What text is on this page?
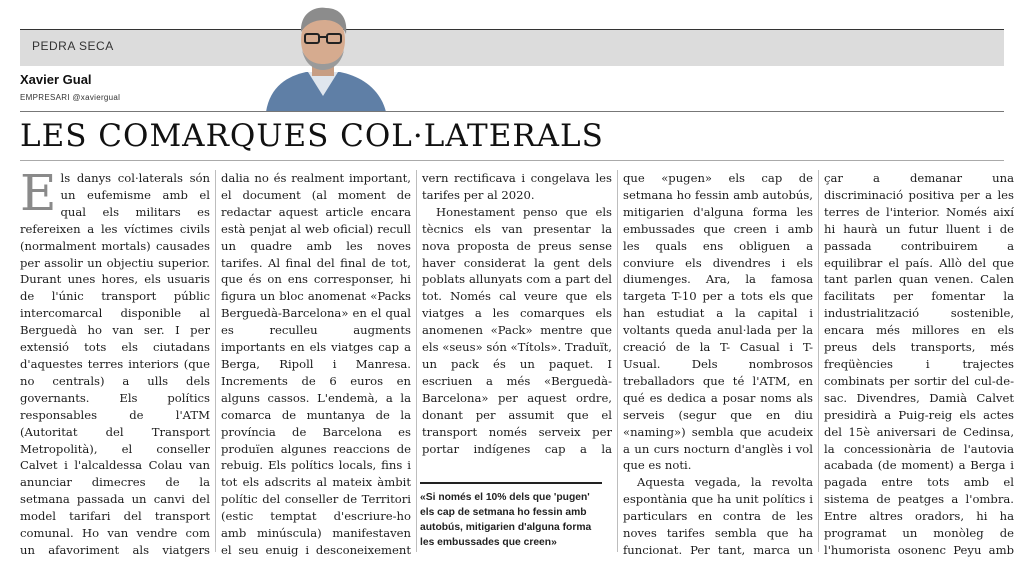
PEDRA SECA
Xavier Gual
EMPRESARI @xaviergual
LES COMARQUES COL·LATERALS

Els danys col·laterals són un eufemisme amb el qual els militars es refereixen a les víctimes civils (normalment mortals) causades per assolir un objectiu superior. Durant unes hores, els usuaris de l'únic transport públic intercomarcal disponible al Berguedà ho van ser. I per extensió tots els ciutadans d'aquestes terres interiors (que no centrals) a ulls dels governants. Els polítics responsables de l'ATM (Autoritat del Transport Metropolità), el conseller Calvet i l'alcaldessa Colau van anunciar dimecres de la setmana passada un canvi del model tarifari del transport comunal. Ho van vendre com un afavoriment als viatgers

dalia no és realment important, el document (al moment de redactar aquest article encara està penjat al web oficial) recull un quadre amb les noves tarifes. Al final del final de tot, que és on ens corresponser, hi figura un bloc anomenat «Packs Berguedà-Barcelona» en el qual es reculleu augments importants en els viatges cap a Berga, Ripoll i Manresa. Increments de 6 euros en alguns cassos. L'endemà, a la comarca de muntanya de la província de Barcelona es produïen algunes reaccions de rebuig. Els polítics locals, fins i tot els adscrits al mateix àmbit polític del conseller de Territori (estic temptat d'escriure-ho amb minúscula) manifestaven el seu enuig i desconeixement

vern rectificava i congelava les tarifes per al 2020.

Honestament penso que els tècnics els van presentar la nova proposta de preus sense haver considerat la gent dels poblats allunyats com a part del tot. Només cal veure que els viatges a les comarques els anomenen «Pack» mentre que els «seus» són «Títols». Traduït, un pack és un paquet. I escriuen a més «Berguedà-Barcelona» per aquest ordre, donant per assumit que el transport només serveix per portar indígenes cap a la

«Si només el 10% dels que 'pugen' els cap de setmana ho fessin amb autobús, mitigarien d'alguna forma les embussades que creen»

que «pugen» els cap de setmana ho fessin amb autobús, mitigarien d'alguna forma les embussades que creen i amb les quals ens obliguen a conviure els divendres i els diumenges. Ara, la famosa targeta T-10 per a tots els que han estudiat a la capital i voltants queda anul·lada per la creació de la T- Casual i T-Usual. Dels nombrosos treballadors que té l'ATM, en qué es dedica a posar noms als serveis (segur que en diu «naming») sembla que acudeix a un curs nocturn d'anglès i vol que es noti.

Aquesta vegada, la revolta espontània que ha unit polítics i particulars en contra de les noves tarifes sembla que ha funcionat. Per tant, marca un

çar a demanar una discriminació positiva per a les terres de l'interior. Només així hi haurà un futur lluent i de passada contribuirem a equilibrar el país. Allò del que tant parlen quan venen. Calen facilitats per fomentar la industrialització sostenible, encara més millores en els preus dels transports, més freqüències i trajectes combinats per sortir del cul-de-sac. Divendres, Damià Calvet presidirà a Puig-reig els actes del 15è aniversari de Cedinsa, la concessionària de l'autovia acabada (de moment) a Berga i pagada entre tots amb el sistema de peatges a l'ombra. Entre altres oradors, hi ha programat un monòleg de l'humorista osonenc Peyu amb
